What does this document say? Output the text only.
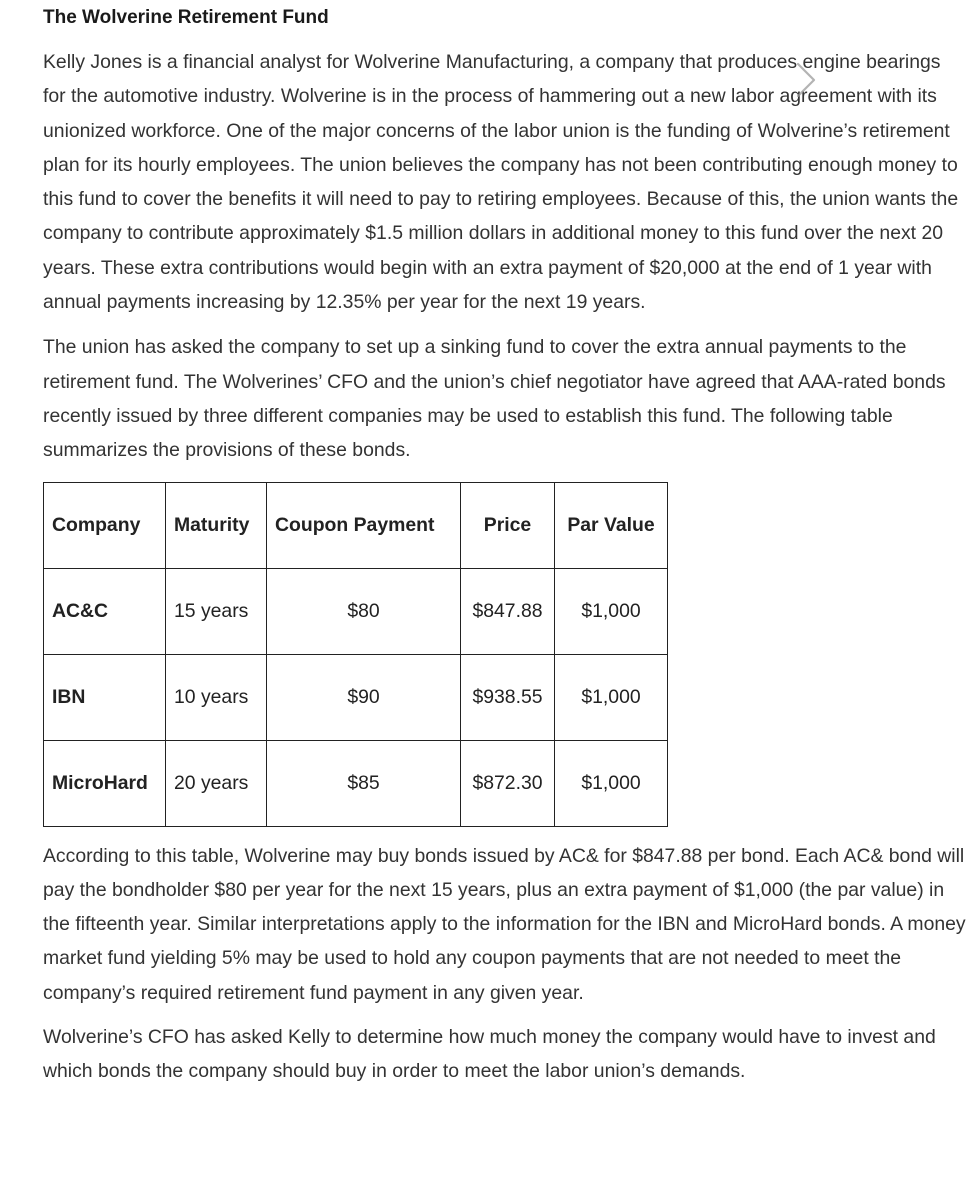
The Wolverine Retirement Fund

Kelly Jones is a financial analyst for Wolverine Manufacturing, a company that produces engine bearings for the automotive industry. Wolverine is in the process of hammering out a new labor agreement with its unionized workforce. One of the major concerns of the labor union is the funding of Wolverine’s retirement plan for its hourly employees. The union believes the company has not been contributing enough money to this fund to cover the benefits it will need to pay to retiring employees. Because of this, the union wants the company to contribute approximately $1.5 million dollars in additional money to this fund over the next 20 years. These extra contributions would begin with an extra payment of $20,000 at the end of 1 year with annual payments increasing by 12.35% per year for the next 19 years.

The union has asked the company to set up a sinking fund to cover the extra annual payments to the retirement fund. The Wolverines’ CFO and the union’s chief negotiator have agreed that AAA-rated bonds recently issued by three different companies may be used to establish this fund. The following table summarizes the provisions of these bonds.

Company	Maturity	Coupon Payment	Price	Par Value
AC&C	15 years	$80	$847.88	$1,000
IBN	10 years	$90	$938.55	$1,000
MicroHard	20 years	$85	$872.30	$1,000

According to this table, Wolverine may buy bonds issued by AC& for $847.88 per bond. Each AC& bond will pay the bondholder $80 per year for the next 15 years, plus an extra payment of $1,000 (the par value) in the fifteenth year. Similar interpretations apply to the information for the IBN and MicroHard bonds. A money market fund yielding 5% may be used to hold any coupon payments that are not needed to meet the company’s required retirement fund payment in any given year.

Wolverine’s CFO has asked Kelly to determine how much money the company would have to invest and which bonds the company should buy in order to meet the labor union’s demands.
